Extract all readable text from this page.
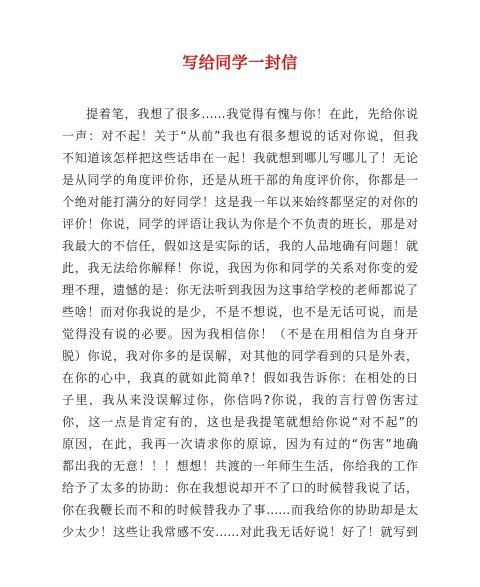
写给同学一封信
提着笔，我想了很多……我觉得有愧与你！在此，先给你说
一声：对不起！关于“从前”我也有很多想说的话对你说，但我
不知道该怎样把这些话串在一起！我就想到哪儿写哪儿了！无论
是从同学的角度评价你，还是从班干部的角度评价你，你都是一
个绝对能打满分的好同学！这是我一年以来始终都坚定的对你的
评价！你说，同学的评语让我认为你是个不负责的班长，那是对
我最大的不信任，假如这是实际的话，我的人品地确有问题！就
此，我无法给你解释！你说，我因为你和同学的关系对你变的爱
理不理，遗憾的是：你无法听到我因为这事给学校的老师都说了
些啥！而对你我说的是少，不是不想说，也不是无话可说，而是
觉得没有说的必要。因为我相信你！（不是在用相信为自身开
脱）你说，我对你多的是误解，对其他的同学看到的只是外表，
在你的心中，我真的就如此简单?！假如我告诉你：在相处的日
子里，我从来没误解过你，你信吗?你说，我的言行曾伤害过
你，这一点是肯定有的，这也是我提笔就想给你说“对不起”的
原因，在此，我再一次请求你的原谅，因为有过的“伤害”地确
都出我的无意！！！想想！共渡的一年师生生活，你给我的工作
给予了太多的协助：你在我想说却开不了口的时候替我说了话，
你在我鞭长而不和的时候替我办了事……而我给你的协助却是太
少太少！这些让我常感不安……对此我无话好说！好了！就写到
